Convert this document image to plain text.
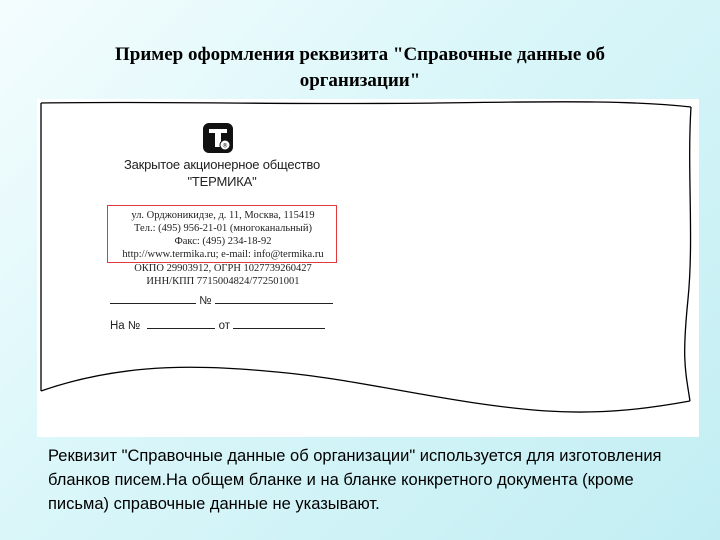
Пример оформления реквизита "Справочные данные об
организации"
®
Закрытое акционерное общество
"ТЕРМИКА"
ул. Орджоникидзе, д. 11, Москва, 115419
Тел.: (495) 956-21-01 (многоканальный)
Факс: (495) 234-18-92
http://www.termika.ru; e-mail: info@termika.ru
ОКПО 29903912, ОГРН 1027739260427
ИНН/КПП 7715004824/772501001
№
На №	от
Реквизит "Справочные данные об организации" используется для изготовления бланков писем.На общем бланке и на бланке конкретного документа (кроме письма) справочные данные не указывают.
